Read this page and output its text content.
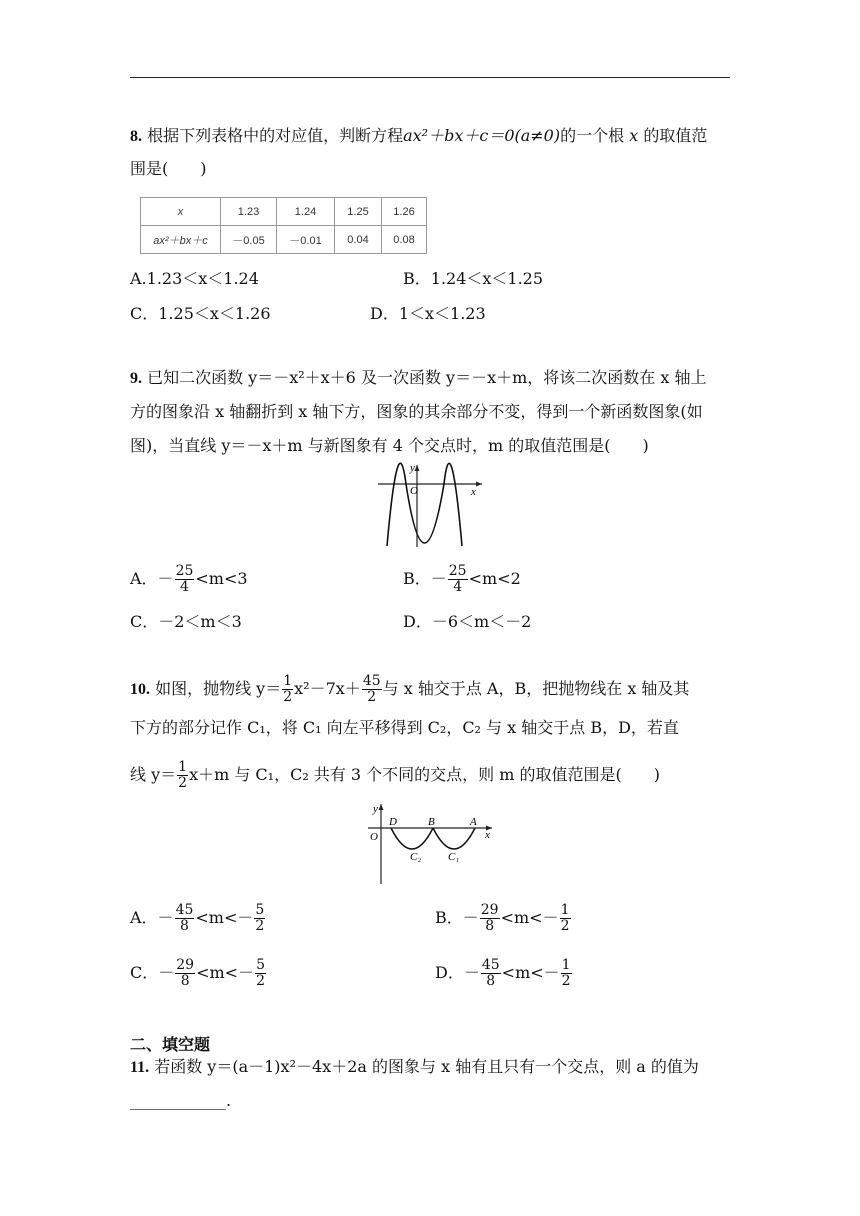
8. 根据下列表格中的对应值，判断方程ax²＋bx＋c＝0(a≠0)的一个根 x 的取值范
围是(　　)
x	1.23	1.24	1.25	1.26
ax²＋bx＋c	－0.05	－0.01	0.04	0.08
A.1.23＜x＜1.24	B．1.24＜x＜1.25
C．1.25＜x＜1.26	D．1＜x＜1.23
9. 已知二次函数 y＝－x²＋x＋6 及一次函数 y＝－x＋m，将该二次函数在 x 轴上
方的图象沿 x 轴翻折到 x 轴下方，图象的其余部分不变，得到一个新函数图象(如
图)，当直线 y＝－x＋m 与新图象有 4 个交点时，m 的取值范围是(　　)
y
O	x
A．－ $\frac{25}{4} <m<3$	B．－ $\frac{25}{4} <m<2$
C．－2＜m＜3	D．－6＜m＜－2
10. 如图，抛物线 $y= \frac{1}{2} x^2-7x+ \frac{45}{2}$ 与 x 轴交于点 A，B，把抛物线在 x 轴及其
下方的部分记作 C₁，将 C₁ 向左平移得到 C₂，C₂ 与 x 轴交于点 B，D，若直
线 $y= \frac{1}{2} x+m$ 与 C₁，C₂ 共有 3 个不同的交点，则 m 的取值范围是(　　)
y
O
D	B	A
x
C₂ C₁
A．－ $\frac{45}{8} <m<- \frac{5}{2}$	B．－ $\frac{29}{8} <m<- \frac{1}{2}$
C．－ $\frac{29}{8} <m<- \frac{5}{2}$	D．－ $\frac{45}{8} <m<- \frac{1}{2}$
二、填空题
11. 若函数 y＝(a－1)x²－4x＋2a 的图象与 x 轴有且只有一个交点，则 a 的值为
____________.
